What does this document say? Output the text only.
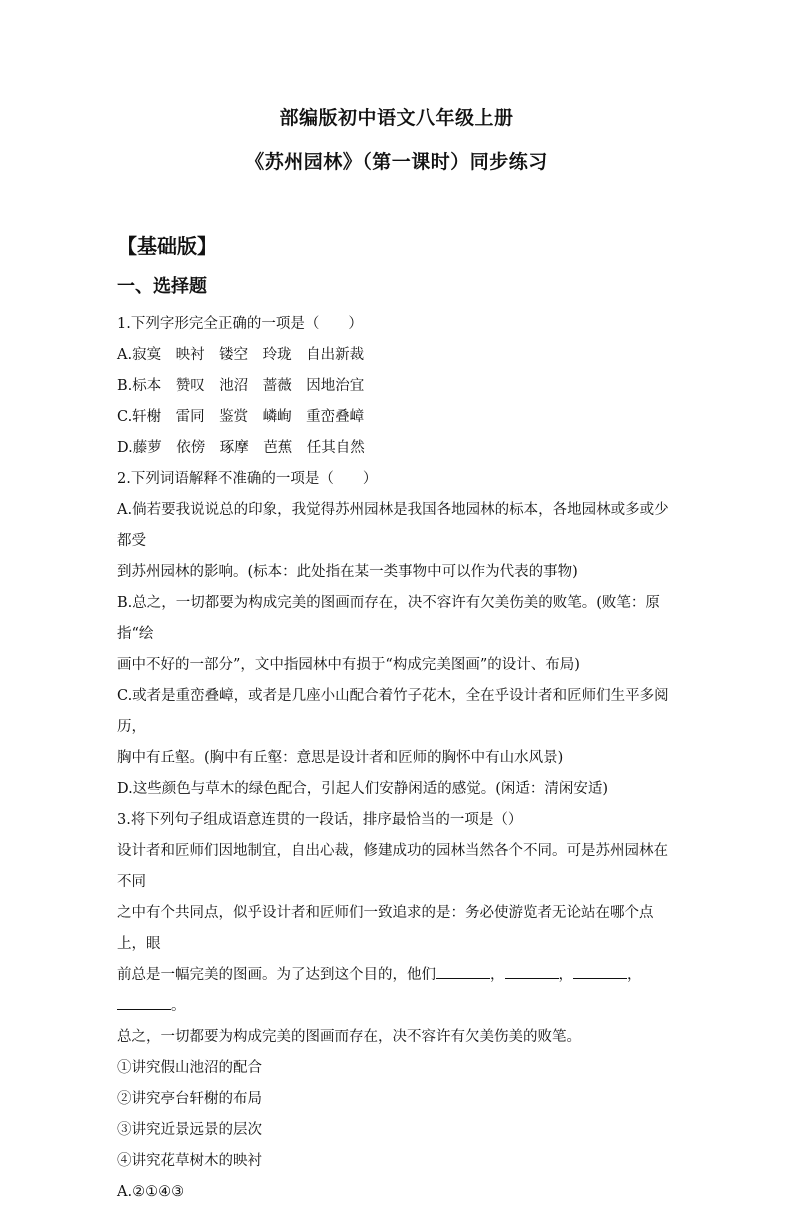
部编版初中语文八年级上册
《苏州园林》（第一课时）同步练习
【基础版】
一、选择题

1.下列字形完全正确的一项是（　　）

A.寂寞　映衬　镂空　玲珑　自出新裁

B.标本　赞叹　池沼　蔷薇　因地治宜

C.轩榭　雷同　鉴赏　嶙峋　重峦叠嶂

D.藤萝　依傍　琢摩　芭蕉　任其自然

2.下列词语解释不准确的一项是（　　）

A.倘若要我说说总的印象，我觉得苏州园林是我国各地园林的标本，各地园林或多或少都受

到苏州园林的影响。(标本：此处指在某一类事物中可以作为代表的事物)

B.总之，一切都要为构成完美的图画而存在，决不容许有欠美伤美的败笔。(败笔：原指“绘

画中不好的一部分”，文中指园林中有损于“构成完美图画”的设计、布局)

C.或者是重峦叠嶂，或者是几座小山配合着竹子花木，全在乎设计者和匠师们生平多阅历，

胸中有丘壑。(胸中有丘壑：意思是设计者和匠师的胸怀中有山水风景)

D.这些颜色与草木的绿色配合，引起人们安静闲适的感觉。(闲适：清闲安适)

3.将下列句子组成语意连贯的一段话，排序最恰当的一项是（）

设计者和匠师们因地制宜，自出心裁，修建成功的园林当然各个不同。可是苏州园林在不同

之中有个共同点，似乎设计者和匠师们一致追求的是：务必使游览者无论站在哪个点上，眼

前总是一幅完美的图画。为了达到这个目的，他们	，	，	，。

总之，一切都要为构成完美的图画而存在，决不容许有欠美伤美的败笔。

①讲究假山池沼的配合

②讲究亭台轩榭的布局

③讲究近景远景的层次

④讲究花草树木的映衬

A.②①④③
